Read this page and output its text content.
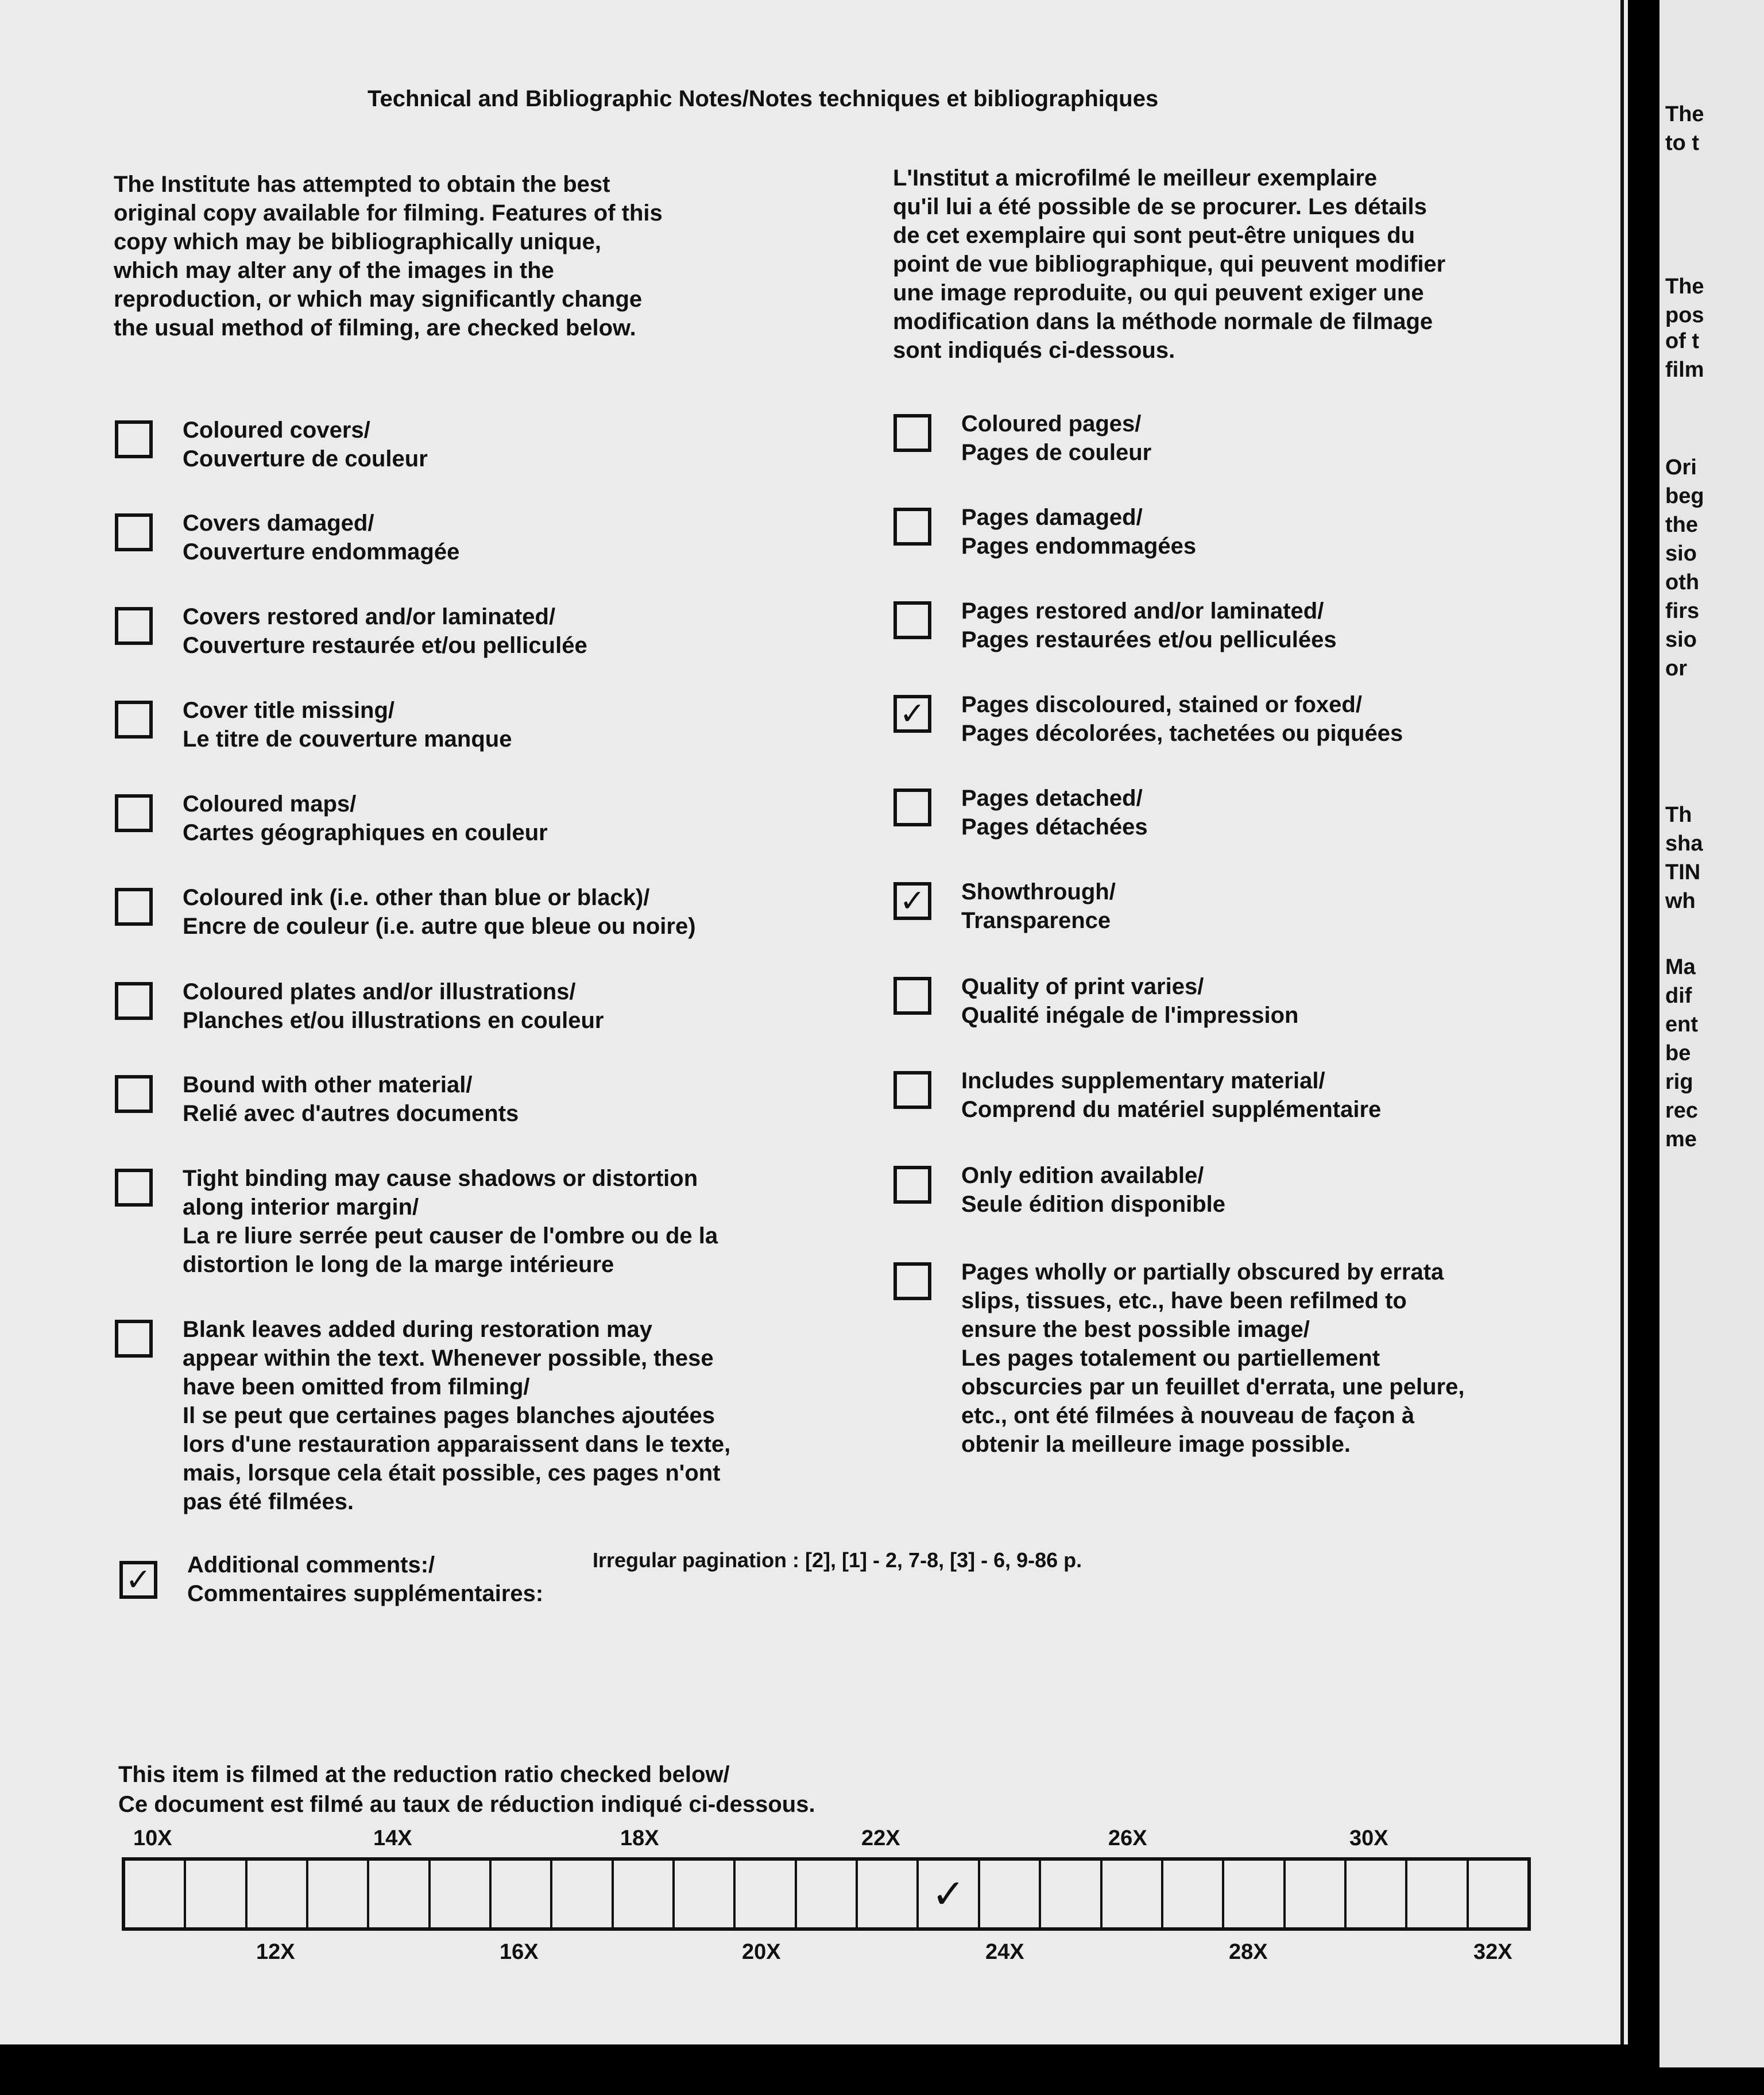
Technical and Bibliographic Notes/Notes techniques et bibliographiques
The Institute has attempted to obtain the best
original copy available for filming. Features of this
copy which may be bibliographically unique,
which may alter any of the images in the
reproduction, or which may significantly change
the usual method of filming, are checked below.
L'Institut a microfilmé le meilleur exemplaire
qu'il lui a été possible de se procurer. Les détails
de cet exemplaire qui sont peut-être uniques du
point de vue bibliographique, qui peuvent modifier
une image reproduite, ou qui peuvent exiger une
modification dans la méthode normale de filmage
sont indiqués ci-dessous.
Coloured covers/
Couverture de couleur
Covers damaged/
Couverture endommagée
Covers restored and/or laminated/
Couverture restaurée et/ou pelliculée
Cover title missing/
Le titre de couverture manque
Coloured maps/
Cartes géographiques en couleur
Coloured ink (i.e. other than blue or black)/
Encre de couleur (i.e. autre que bleue ou noire)
Coloured plates and/or illustrations/
Planches et/ou illustrations en couleur
Bound with other material/
Relié avec d'autres documents
Tight binding may cause shadows or distortion
along interior margin/
La re liure serrée peut causer de l'ombre ou de la
distortion le long de la marge intérieure
Blank leaves added during restoration may
appear within the text. Whenever possible, these
have been omitted from filming/
Il se peut que certaines pages blanches ajoutées
lors d'une restauration apparaissent dans le texte,
mais, lorsque cela était possible, ces pages n'ont
pas été filmées.
Coloured pages/
Pages de couleur
Pages damaged/
Pages endommagées
Pages restored and/or laminated/
Pages restaurées et/ou pelliculées
✓ Pages discoloured, stained or foxed/
Pages décolorées, tachetées ou piquées
Pages detached/
Pages détachées
✓ Showthrough/
Transparence
Quality of print varies/
Qualité inégale de l'impression
Includes supplementary material/
Comprend du matériel supplémentaire
Only edition available/
Seule édition disponible
Pages wholly or partially obscured by errata
slips, tissues, etc., have been refilmed to
ensure the best possible image/
Les pages totalement ou partiellement
obscurcies par un feuillet d'errata, une pelure,
etc., ont été filmées à nouveau de façon à
obtenir la meilleure image possible.
✓ Additional comments:/
Commentaires supplémentaires:
Irregular pagination : [2], [1] - 2, 7-8, [3] - 6, 9-86 p.
This item is filmed at the reduction ratio checked below/
Ce document est filmé au taux de réduction indiqué ci-dessous.
10X	14X	18X	22X	26X	30X
✓
12X	16X	20X	24X	28X	32X
The
to t
The
pos
of t
film
Ori
beg
the
sio
oth
firs
sio
or
Th
sha
TIN
wh
Ma
dif
ent
be
rig
rec
me
